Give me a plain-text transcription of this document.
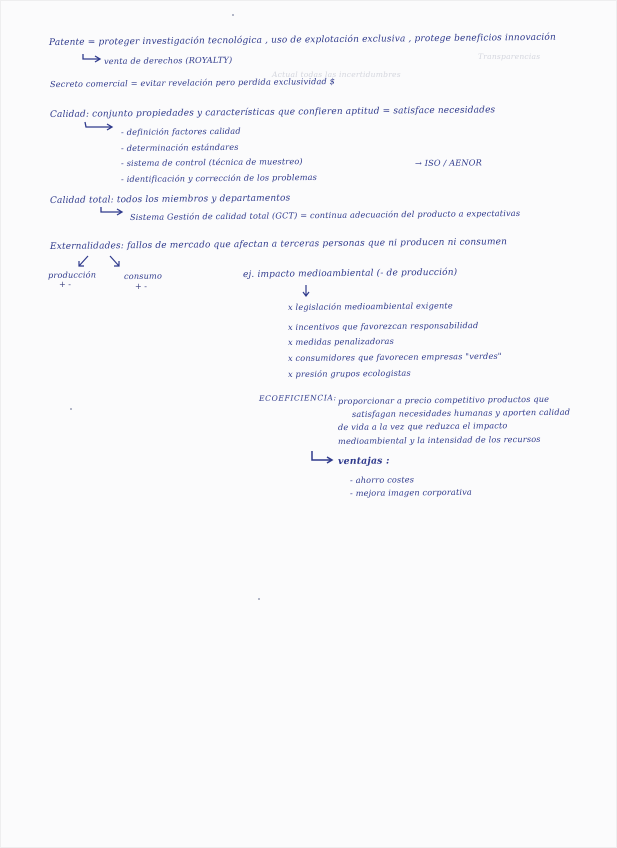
Transparencias
Actual todas las incertidumbres
Patente = proteger investigación tecnológica , uso de explotación exclusiva , protege beneficios innovación
venta de derechos (ROYALTY)
Secreto comercial = evitar revelación pero perdida exclusividad $
Calidad: conjunto propiedades y características que confieren aptitud = satisface necesidades
- definición factores calidad
- determinación estándares
- sistema de control (técnica de muestreo)	→ ISO / AENOR
- identificación y corrección de los problemas
Calidad total: todos los miembros y departamentos
Sistema Gestión de calidad total (GCT) = continua adecuación del producto a expectativas
Externalidades: fallos de mercado que afectan a terceras personas que ni producen ni consumen
producción	consumo
+ -	+ -
ej. impacto medioambiental (- de producción)
x legislación medioambiental exigente
x incentivos que favorezcan responsabilidad
x medidas penalizadoras
x consumidores que favorecen empresas "verdes"
x presión grupos ecologistas
ECOEFICIENCIA: proporcionar a precio competitivo productos que
satisfagan necesidades humanas y aporten calidad
de vida a la vez que reduzca el impacto
medioambiental y la intensidad de los recursos
ventajas :
- ahorro costes
- mejora imagen corporativa
